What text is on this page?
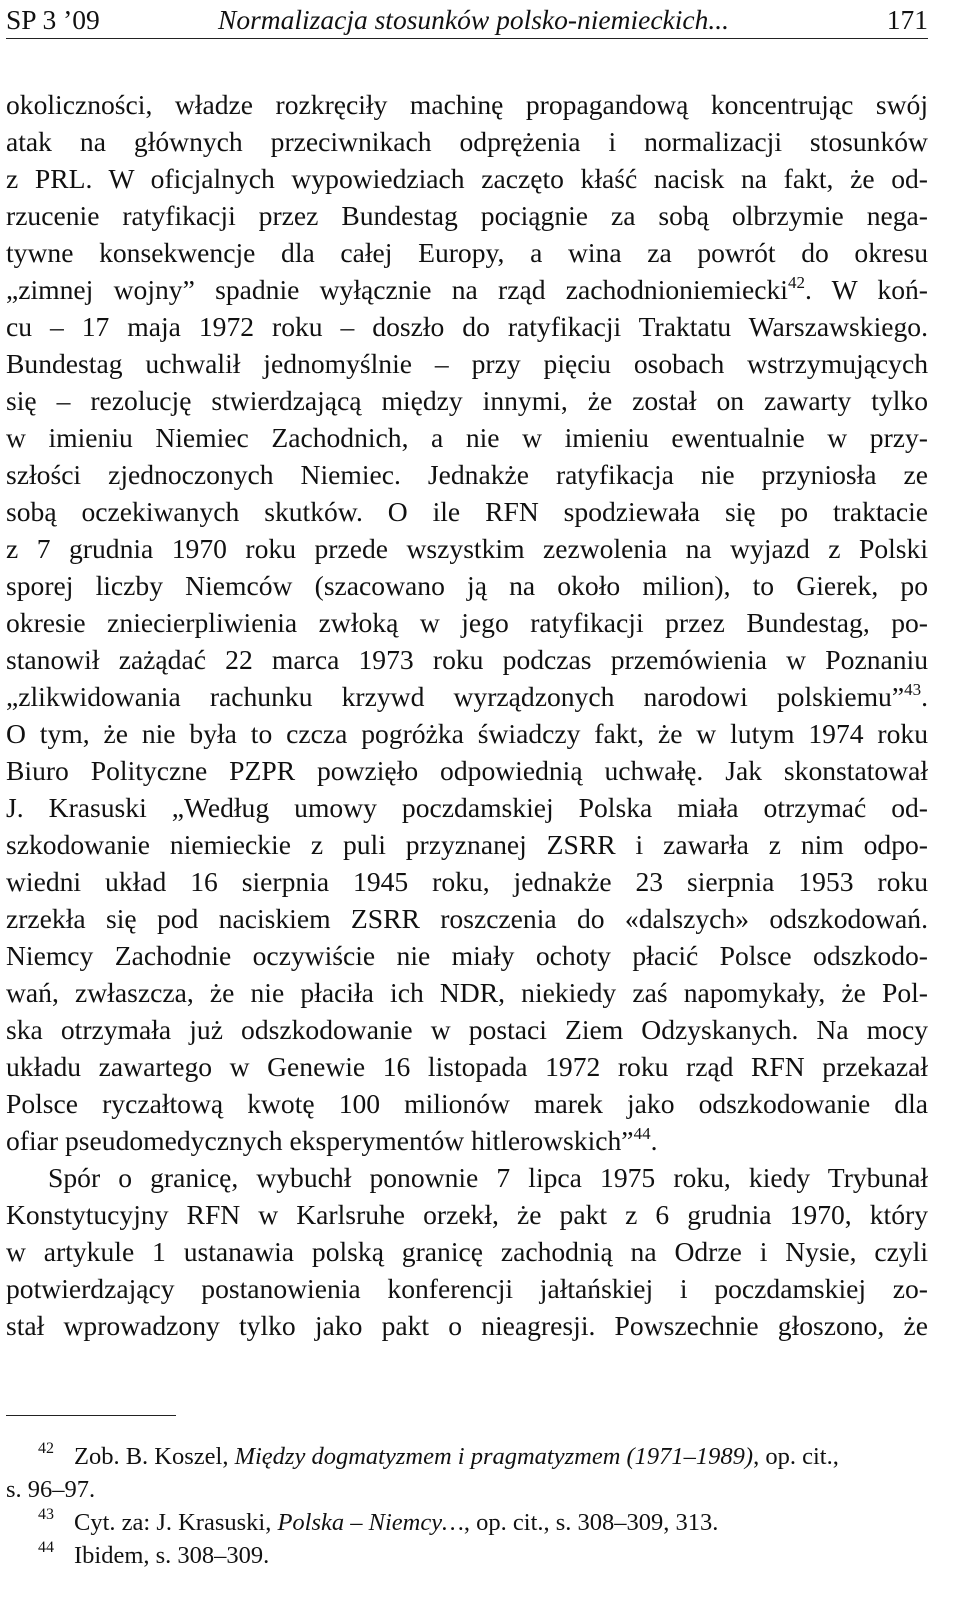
SP 3 ’09	Normalizacja stosunków polsko-niemieckich...	171
okoliczności, władze rozkręciły machinę propagandową koncentrując swój
atak na głównych przeciwnikach odprężenia i normalizacji stosunków
z PRL. W oficjalnych wypowiedziach zaczęto kłaść nacisk na fakt, że od-
rzucenie ratyfikacji przez Bundestag pociągnie za sobą olbrzymie nega-
tywne konsekwencje dla całej Europy, a wina za powrót do okresu
„zimnej wojny” spadnie wyłącznie na rząd zachodnioniemiecki$^{42}$. W koń-
cu – 17 maja 1972 roku – doszło do ratyfikacji Traktatu Warszawskiego.
Bundestag uchwalił jednomyślnie – przy pięciu osobach wstrzymujących
się – rezolucję stwierdzającą między innymi, że został on zawarty tylko
w imieniu Niemiec Zachodnich, a nie w imieniu ewentualnie w przy-
szłości zjednoczonych Niemiec. Jednakże ratyfikacja nie przyniosła ze
sobą oczekiwanych skutków. O ile RFN spodziewała się po traktacie
z 7 grudnia 1970 roku przede wszystkim zezwolenia na wyjazd z Polski
sporej liczby Niemców (szacowano ją na około milion), to Gierek, po
okresie zniecierpliwienia zwłoką w jego ratyfikacji przez Bundestag, po-
stanowił zażądać 22 marca 1973 roku podczas przemówienia w Poznaniu
„zlikwidowania rachunku krzywd wyrządzonych narodowi polskiemu”$^{43}$.
O tym, że nie była to czcza pogróżka świadczy fakt, że w lutym 1974 roku
Biuro Polityczne PZPR powzięło odpowiednią uchwałę. Jak skonstatował
J. Krasuski „Według umowy poczdamskiej Polska miała otrzymać od-
szkodowanie niemieckie z puli przyznanej ZSRR i zawarła z nim odpo-
wiedni układ 16 sierpnia 1945 roku, jednakże 23 sierpnia 1953 roku
zrzekła się pod naciskiem ZSRR roszczenia do «dalszych» odszkodowań.
Niemcy Zachodnie oczywiście nie miały ochoty płacić Polsce odszkodo-
wań, zwłaszcza, że nie płaciła ich NDR, niekiedy zaś napomykały, że Pol-
ska otrzymała już odszkodowanie w postaci Ziem Odzyskanych. Na mocy
układu zawartego w Genewie 16 listopada 1972 roku rząd RFN przekazał
Polsce ryczałtową kwotę 100 milionów marek jako odszkodowanie dla
ofiar pseudomedycznych eksperymentów hitlerowskich”$^{44}$.
Spór o granicę, wybuchł ponownie 7 lipca 1975 roku, kiedy Trybunał
Konstytucyjny RFN w Karlsruhe orzekł, że pakt z 6 grudnia 1970, który
w artykule 1 ustanawia polską granicę zachodnią na Odrze i Nysie, czyli
potwierdzający postanowienia konferencji jałtańskiej i poczdamskiej zo-
stał wprowadzony tylko jako pakt o nieagresji. Powszechnie głoszono, że
42 Zob. B. Koszel, Między dogmatyzmem i pragmatyzmem (1971–1989), op. cit.,
s. 96–97.
43 Cyt. za: J. Krasuski, Polska – Niemcy…, op. cit., s. 308–309, 313.
44 Ibidem, s. 308–309.
